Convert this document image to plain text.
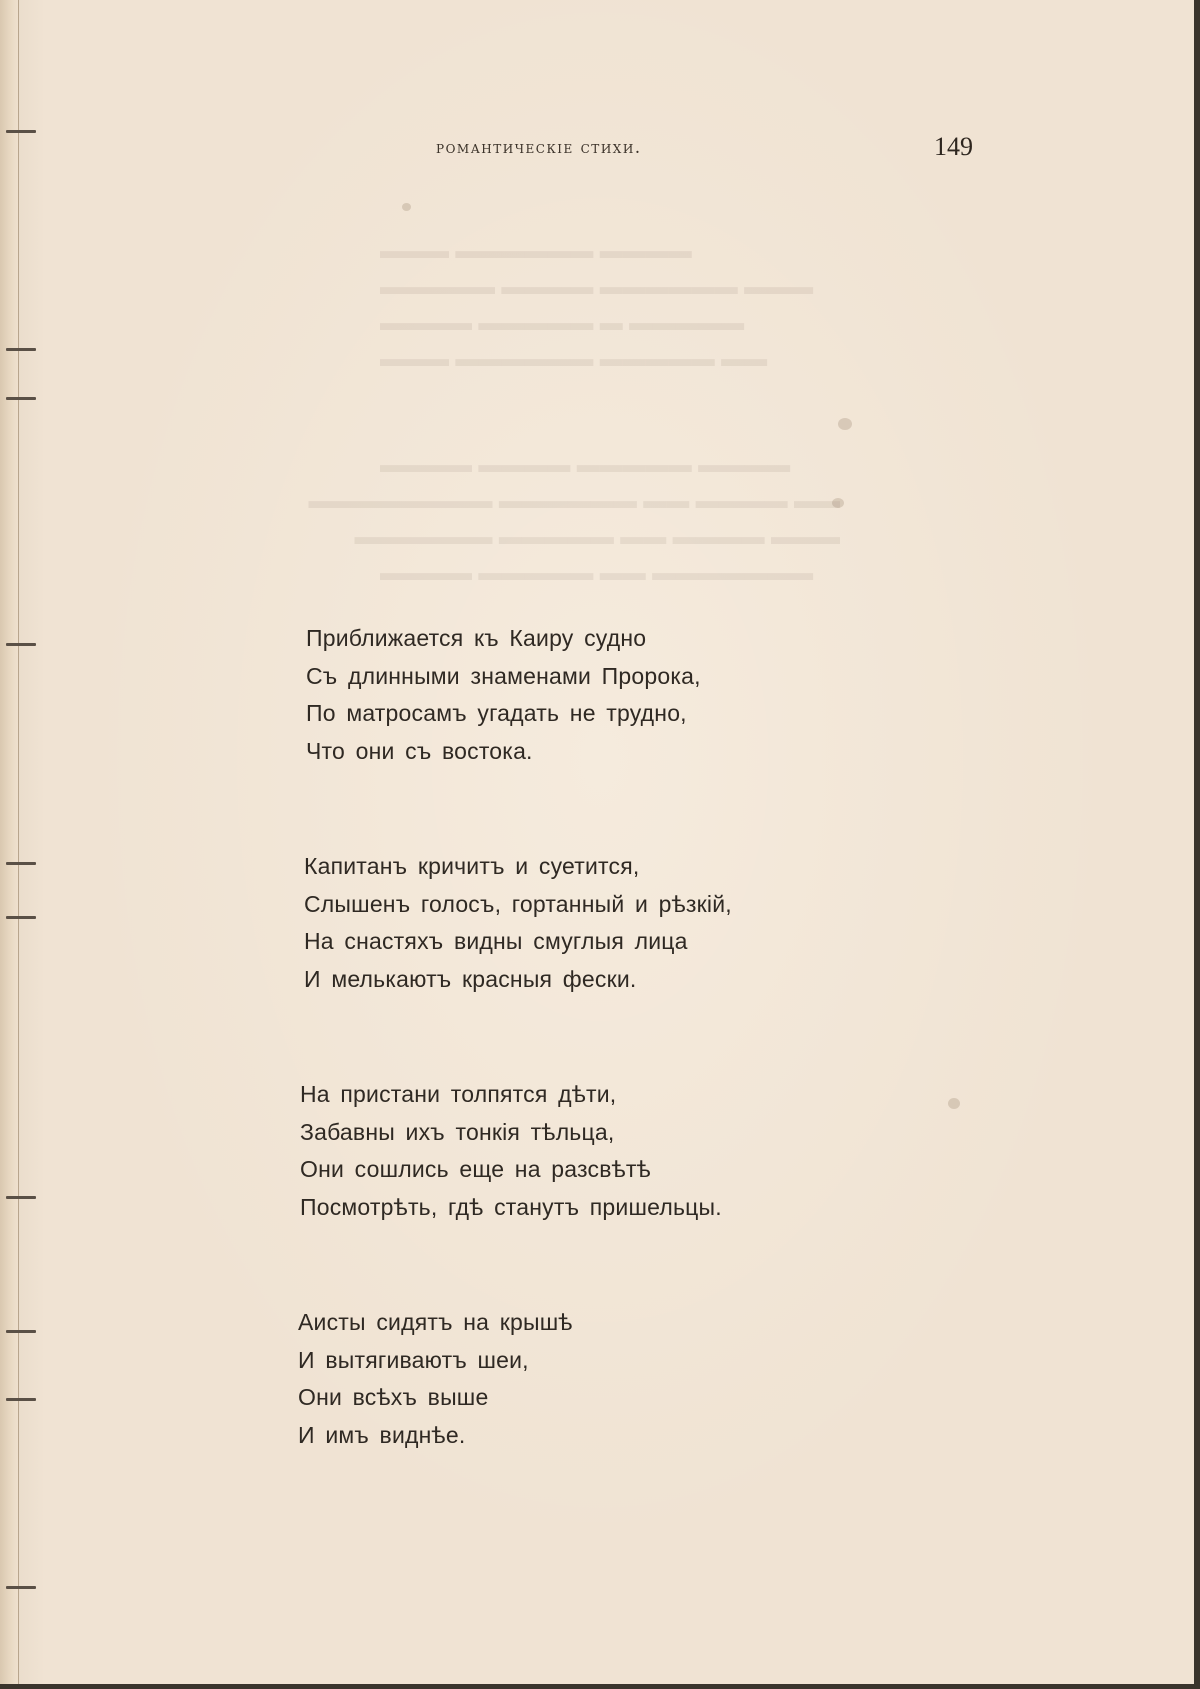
▬▬▬▬ ▬▬▬▬▬▬ ▬▬▬
▬▬▬ ▬▬▬▬▬▬ ▬▬▬▬ ▬▬▬▬▬
▬▬▬▬▬ ▬ ▬▬▬▬▬ ▬▬▬▬
▬▬ ▬▬▬▬▬ ▬▬▬▬▬▬ ▬▬▬
▬▬▬▬ ▬▬▬▬▬ ▬▬▬▬ ▬▬▬▬
▬▬ ▬▬▬▬ ▬▬ ▬▬▬▬▬▬ ▬▬▬▬▬▬▬▬
▬▬▬ ▬▬▬▬ ▬▬ ▬▬▬▬▬ ▬▬▬▬▬▬
▬▬▬▬▬▬▬ ▬▬ ▬▬▬▬▬ ▬▬▬▬
романтическіе стихи.	149
Приближается къ Каиру судно
Съ длинными знаменами Пророка,
По матросамъ угадать не трудно,
Что они съ востока.
Капитанъ кричитъ и суетится,
Слышенъ голосъ, гортанный и рѣзкій,
На снастяхъ видны смуглыя лица
И мелькаютъ красныя фески.
На пристани толпятся дѣти,
Забавны ихъ тонкія тѣльца,
Они сошлись еще на разсвѣтѣ
Посмотрѣть, гдѣ станутъ пришельцы.
Аисты сидятъ на крышѣ
И вытягиваютъ шеи,
Они всѣхъ выше
И имъ виднѣе.
